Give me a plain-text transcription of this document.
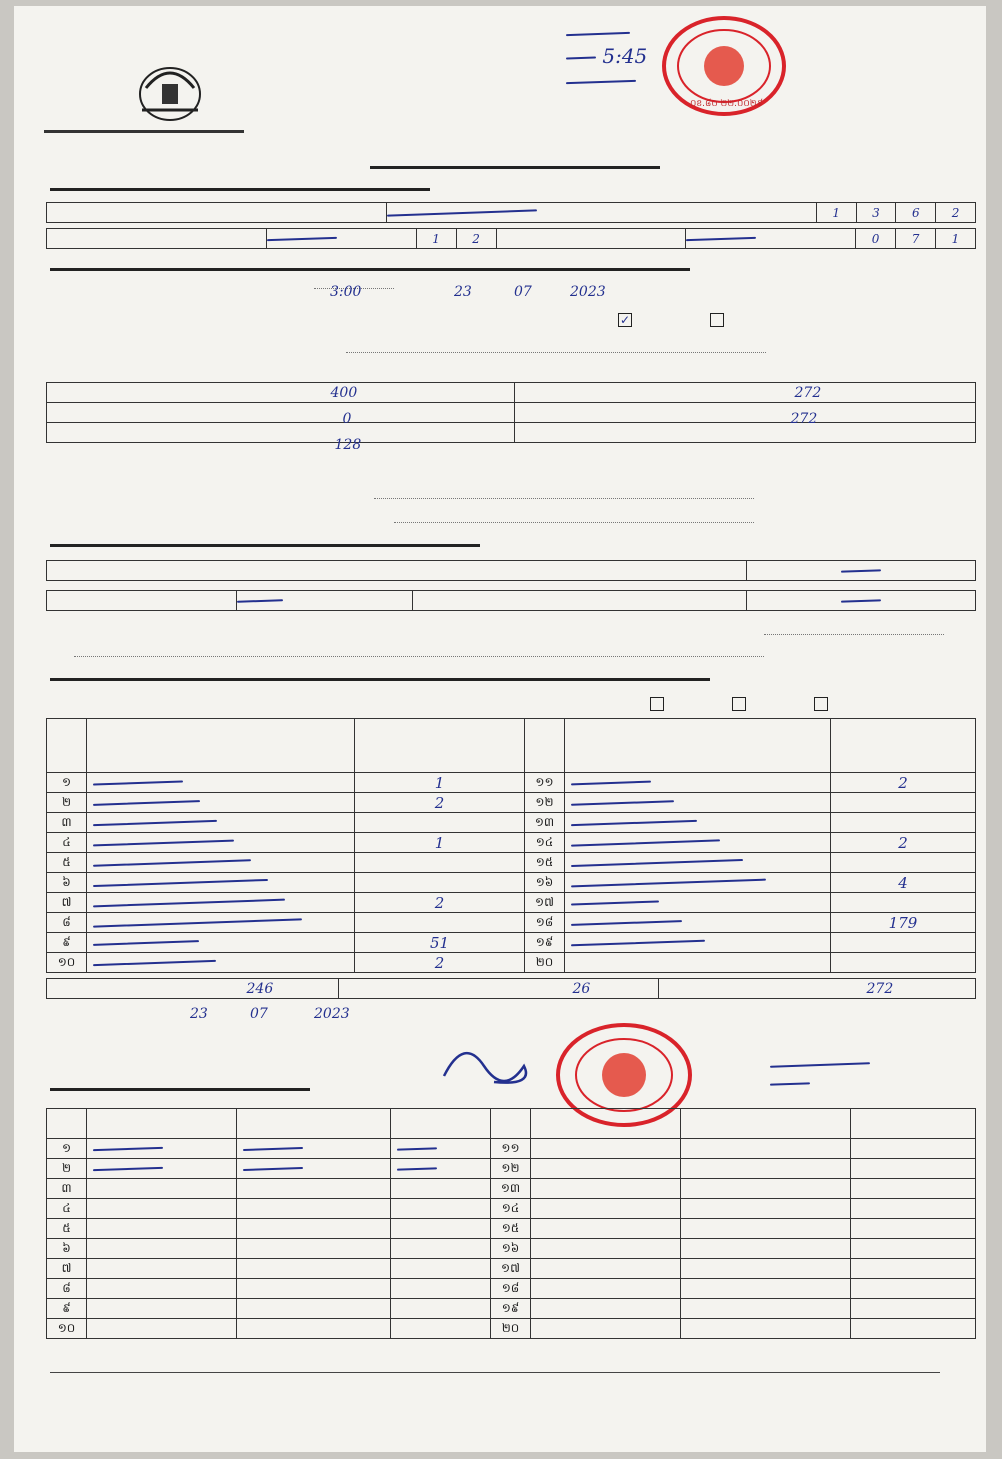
5:45

០ខ.៨០ ២២.០០២៩
		1	3	6	2
		1	2			0	7	1
3:00	23	07	2023
✓
400	272

0	272

128	

១		1	១១		2
២		2	១២		
៣			១៣		
៤		1	១៤		2
៥			១៥		
៦			១៦		4
៧		2	១៧		
៨			១៨		179
៩		51	១៩		
១០		2	២០		
246	26	272
23	07	2023

១				១១			
២				១២			
៣				១៣			
៤				១៤			
៥				១៥			
៦				១៦			
៧				១៧			
៨				១៨			
៩				១៩			
១០				២០			
